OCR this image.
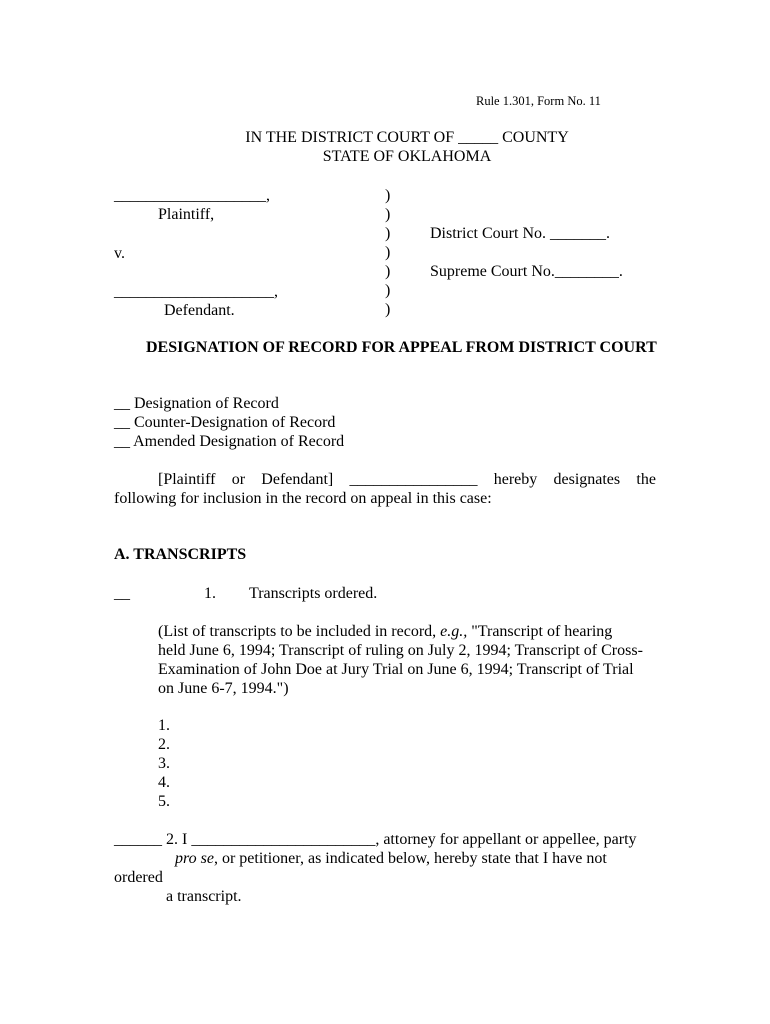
Rule 1.301, Form No. 11
IN THE DISTRICT COURT OF _____ COUNTY
STATE OF OKLAHOMA
___________________,
Plaintiff,
v.
____________________,
Defendant.
)
)
)
)
)
)
)
District Court No. _______.
Supreme Court No.________.
DESIGNATION OF RECORD FOR APPEAL FROM DISTRICT COURT
__ Designation of Record
__ Counter-Designation of Record
__ Amended Designation of Record
[Plaintiff or Defendant] ________________ hereby designates the
following for inclusion in the record on appeal in this case:
A. TRANSCRIPTS
__	1. Transcripts ordered.
(List of transcripts to be included in record, e.g., "Transcript of hearing
held June 6, 1994; Transcript of ruling on July 2, 1994; Transcript of Cross-
Examination of John Doe at Jury Trial on June 6, 1994; Transcript of Trial
on June 6-7, 1994.")
1.
2.
3.
4.
5.
______ 2. I _______________________, attorney for appellant or appellee, party
pro se, or petitioner, as indicated below, hereby state that I have not
ordered
a transcript.
